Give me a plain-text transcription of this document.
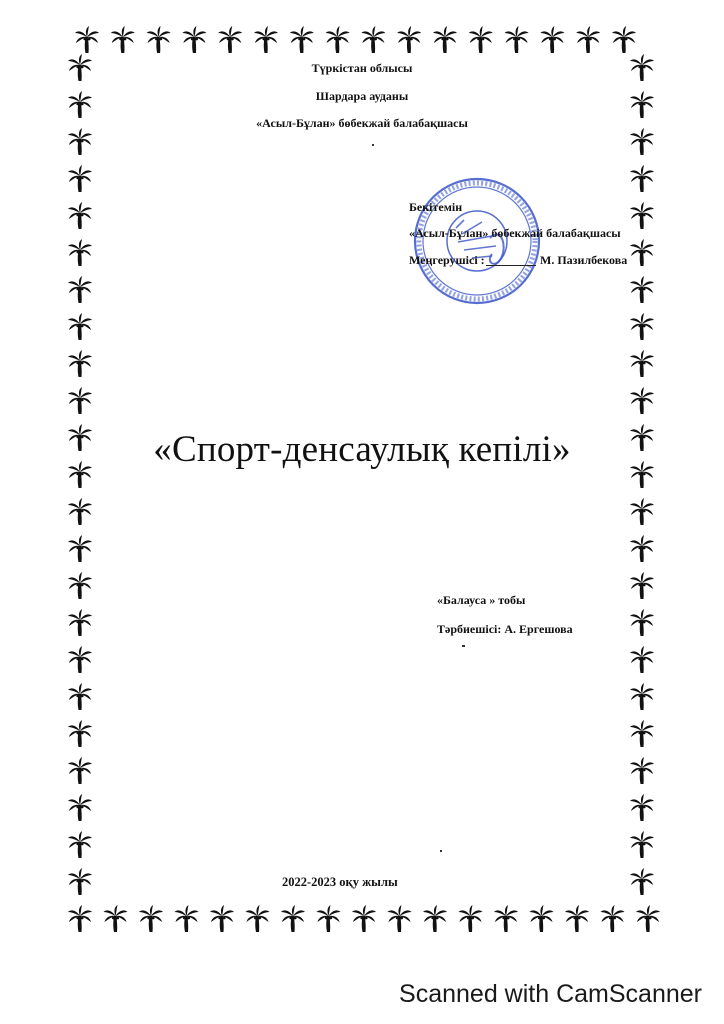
Түркістан облысы
Шардара ауданы
«Асыл-Бұлан» бөбекжай балабақшасы
Бекітемін
«Асыл-Бұлан» бөбекжай балабақшасы
Меңгерушісі :	М. Пазилбекова
«Спорт-денсаулық кепілі»
«Балауса » тобы
Тәрбиешісі: А. Ергешова
2022-2023 оқу жылы
Scanned with CamScanner
